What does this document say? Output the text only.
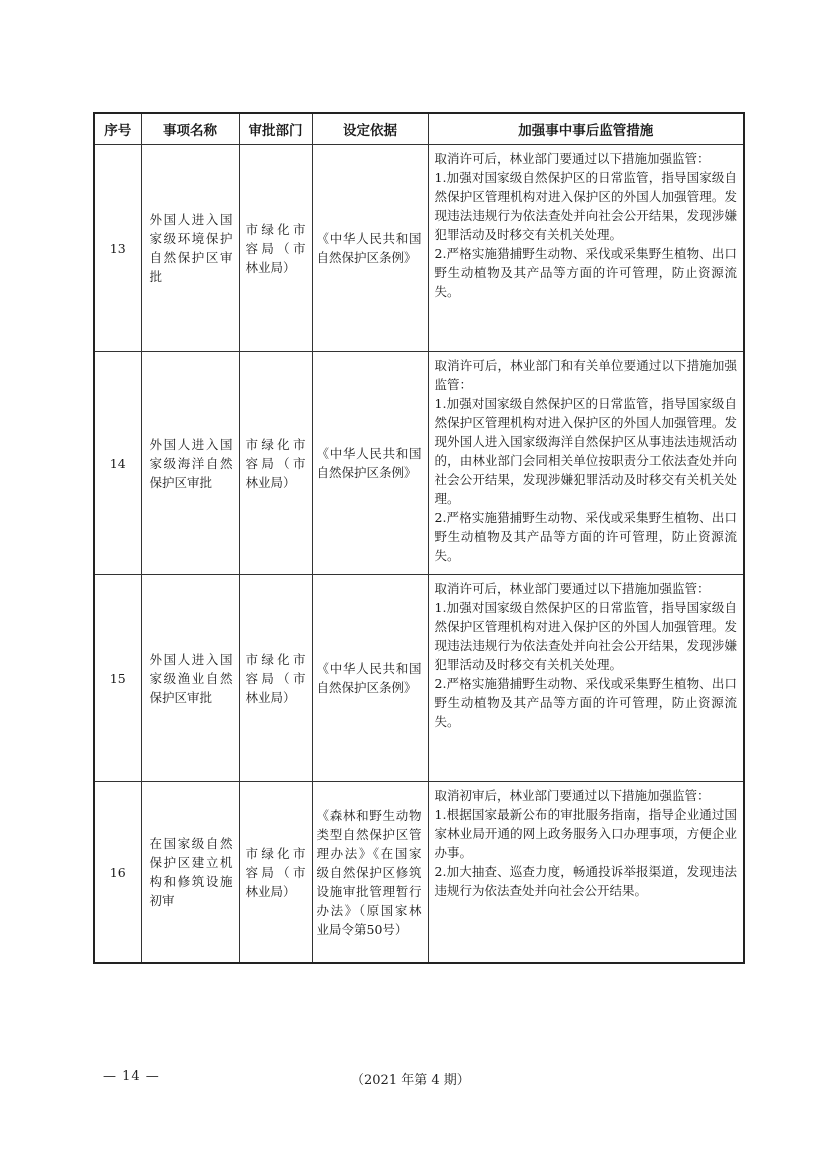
序号	事项名称	审批部门	设定依据	加强事中事后监管措施
13	外国人进入国家级环境保护自然保护区审批	市绿化市容局（市林业局）	《中华人民共和国自然保护区条例》	取消许可后，林业部门要通过以下措施加强监管：
1.加强对国家级自然保护区的日常监管，指导国家级自然保护区管理机构对进入保护区的外国人加强管理。发现违法违规行为依法查处并向社会公开结果，发现涉嫌犯罪活动及时移交有关机关处理。
2.严格实施猎捕野生动物、采伐或采集野生植物、出口野生动植物及其产品等方面的许可管理，防止资源流失。

14	外国人进入国家级海洋自然保护区审批	市绿化市容局（市林业局）	《中华人民共和国自然保护区条例》	取消许可后，林业部门和有关单位要通过以下措施加强监管：
1.加强对国家级自然保护区的日常监管，指导国家级自然保护区管理机构对进入保护区的外国人加强管理。发现外国人进入国家级海洋自然保护区从事违法违规活动的，由林业部门会同相关单位按职责分工依法查处并向社会公开结果，发现涉嫌犯罪活动及时移交有关机关处理。
2.严格实施猎捕野生动物、采伐或采集野生植物、出口野生动植物及其产品等方面的许可管理，防止资源流失。

15	外国人进入国家级渔业自然保护区审批	市绿化市容局（市林业局）	《中华人民共和国自然保护区条例》	取消许可后，林业部门要通过以下措施加强监管：
1.加强对国家级自然保护区的日常监管，指导国家级自然保护区管理机构对进入保护区的外国人加强管理。发现违法违规行为依法查处并向社会公开结果，发现涉嫌犯罪活动及时移交有关机关处理。
2.严格实施猎捕野生动物、采伐或采集野生植物、出口野生动植物及其产品等方面的许可管理，防止资源流失。

16	在国家级自然保护区建立机构和修筑设施初审	市绿化市容局（市林业局）	《森林和野生动物类型自然保护区管理办法》《在国家级自然保护区修筑设施审批管理暂行办法》（原国家林业局令第50号）	取消初审后，林业部门要通过以下措施加强监管：
1.根据国家最新公布的审批服务指南，指导企业通过国家林业局开通的网上政务服务入口办理事项，方便企业办事。
2.加大抽查、巡查力度，畅通投诉举报渠道，发现违法违规行为依法查处并向社会公开结果。
— 14 —	（2021 年第 4 期）
